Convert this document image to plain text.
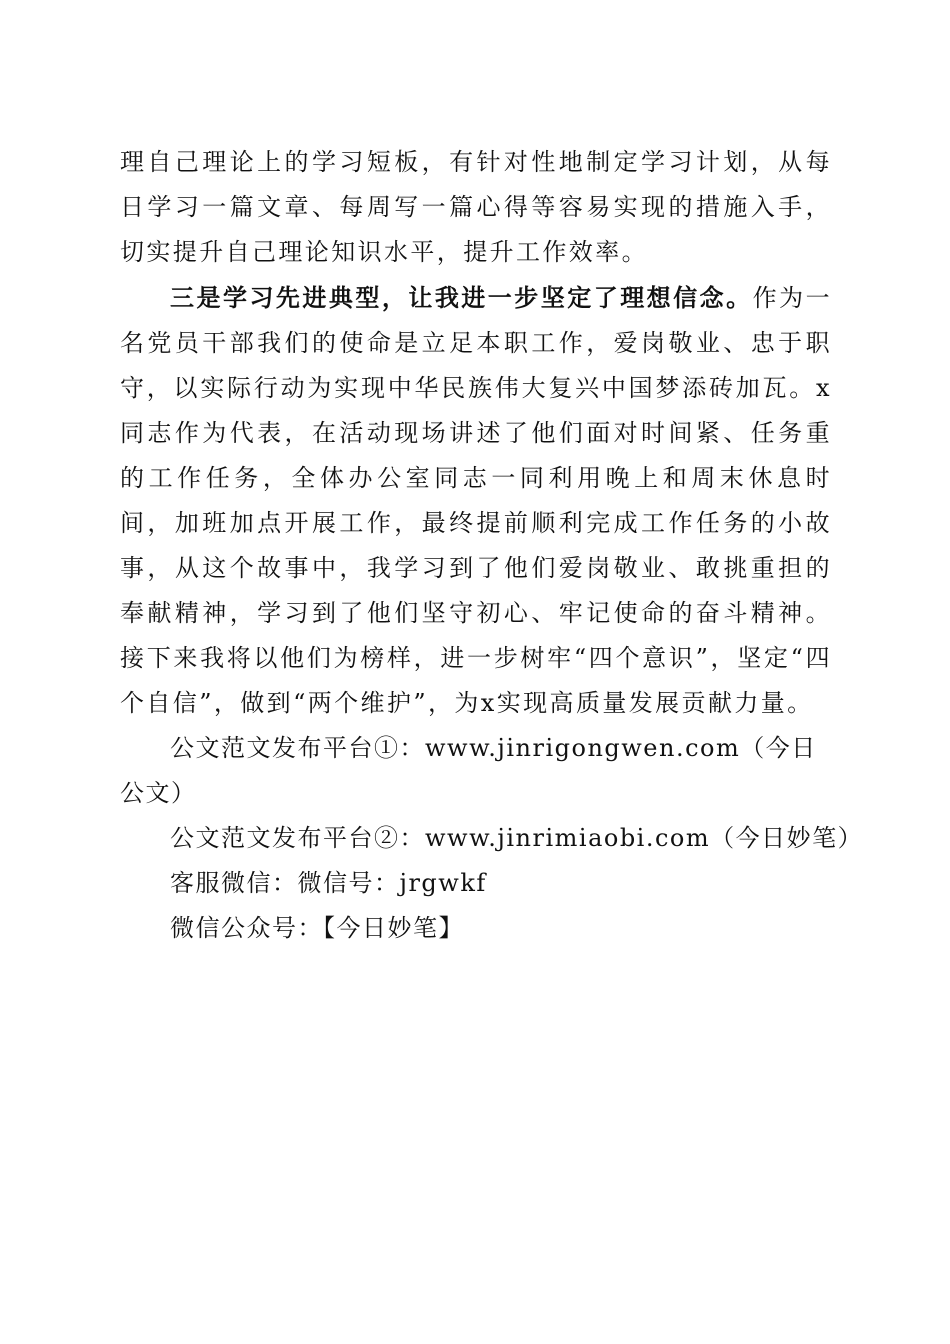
理自己理论上的学习短板，有针对性地制定学习计划，从每日学习一篇文章、每周写一篇心得等容易实现的措施入手，切实提升自己理论知识水平，提升工作效率。

三是学习先进典型，让我进一步坚定了理想信念。作为一名党员干部我们的使命是立足本职工作，爱岗敬业、忠于职守，以实际行动为实现中华民族伟大复兴中国梦添砖加瓦。x同志作为代表，在活动现场讲述了他们面对时间紧、任务重的工作任务，全体办公室同志一同利用晚上和周末休息时间，加班加点开展工作，最终提前顺利完成工作任务的小故事，从这个故事中，我学习到了他们爱岗敬业、敢挑重担的奉献精神，学习到了他们坚守初心、牢记使命的奋斗精神。接下来我将以他们为榜样，进一步树牢“四个意识”，坚定“四个自信”，做到“两个维护”，为x实现高质量发展贡献力量。

公文范文发布平台①：www.jinrigongwen.com（今日公文）

公文范文发布平台②：www.jinrimiaobi.com（今日妙笔）

客服微信：微信号：jrgwkf

微信公众号：【今日妙笔】
